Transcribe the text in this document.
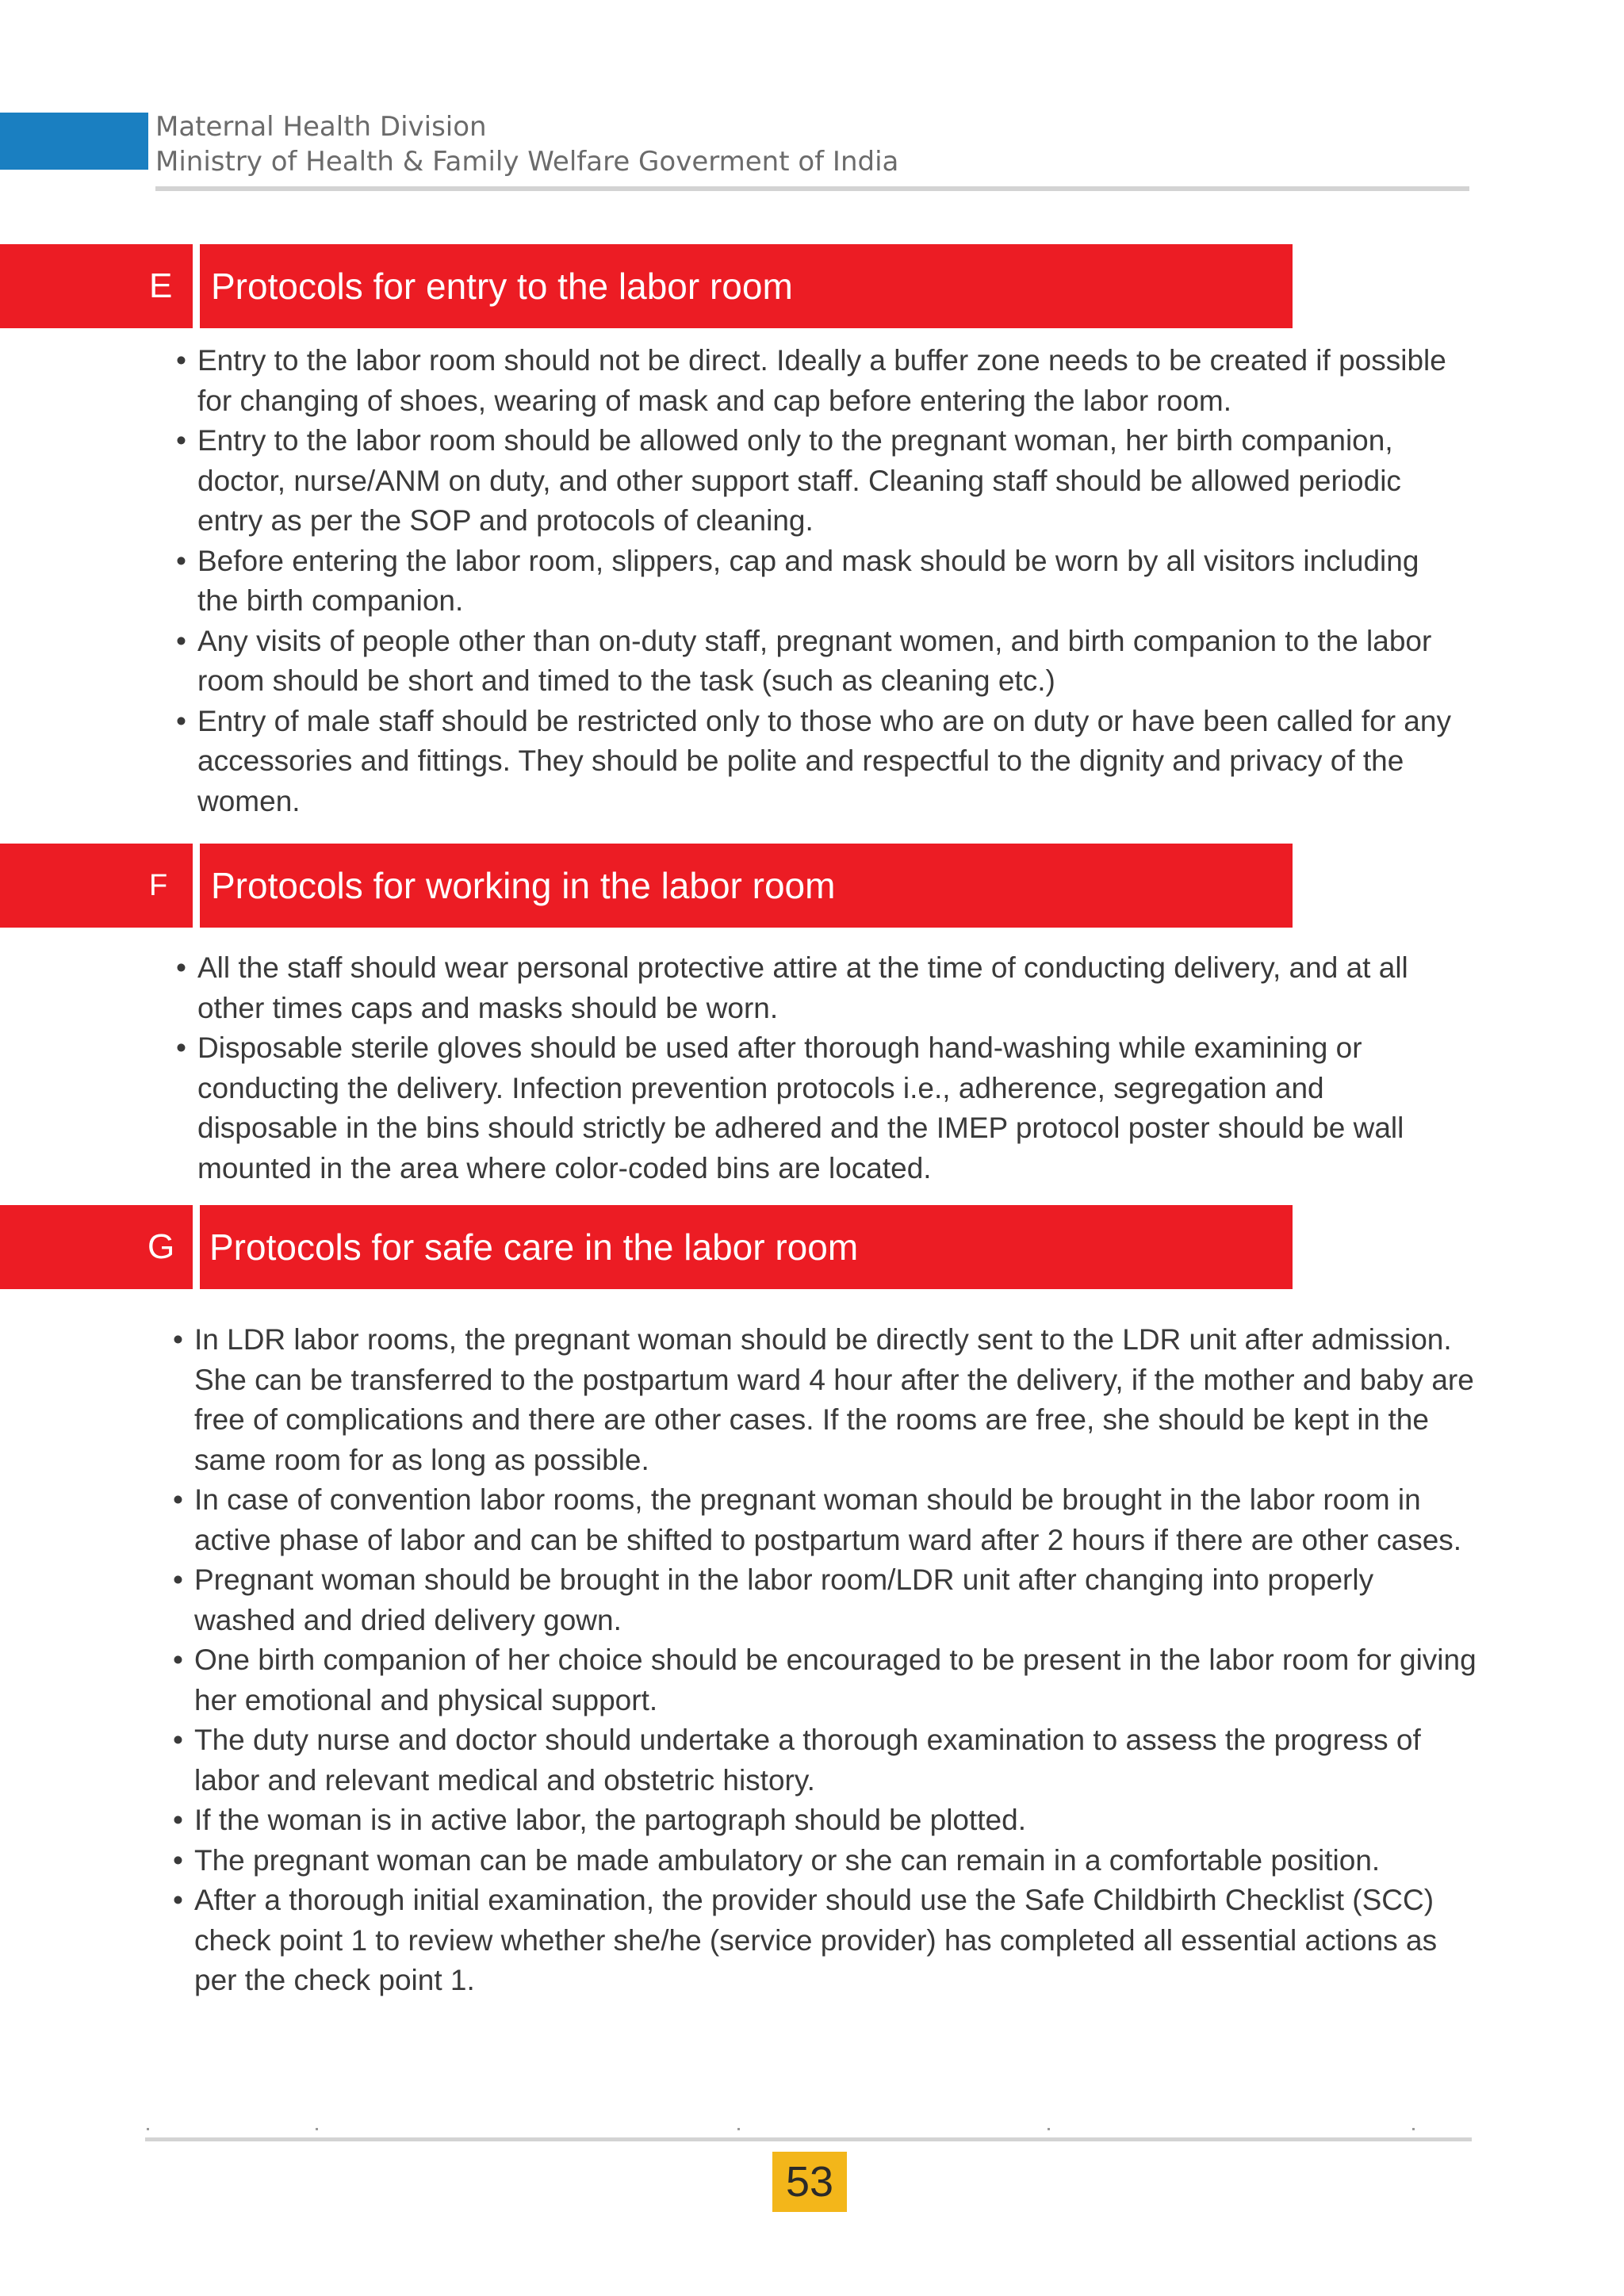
Maternal Health Division
Ministry of Health & Family Welfare Goverment of India
E	Protocols for entry to the labor room
• Entry to the labor room should not be direct. Ideally a buffer zone needs to be created if possible for changing of shoes, wearing of mask and cap before entering the labor room.
• Entry to the labor room should be allowed only to the pregnant woman, her birth companion, doctor, nurse/ANM on duty, and other support staff. Cleaning staff should be allowed periodic entry as per the SOP and protocols of cleaning.
• Before entering the labor room, slippers, cap and mask should be worn by all visitors including the birth companion.
• Any visits of people other than on-duty staff, pregnant women, and birth companion to the labor room should be short and timed to the task (such as cleaning etc.)
• Entry of male staff should be restricted only to those who are on duty or have been called for any accessories and fittings. They should be polite and respectful to the dignity and privacy of the women.
F	Protocols for working in the labor room
• All the staff should wear personal protective attire at the time of conducting delivery, and at all other times caps and masks should be worn.
• Disposable sterile gloves should be used after thorough hand-washing while examining or conducting the delivery. Infection prevention protocols i.e., adherence, segregation and disposable in the bins should strictly be adhered and the IMEP protocol poster should be wall mounted in the area where color-coded bins are located.
G Protocols for safe care in the labor room
• In LDR labor rooms, the pregnant woman should be directly sent to the LDR unit after admission. She can be transferred to the postpartum ward 4 hour after the delivery, if the mother and baby are free of complications and there are other cases. If the rooms are free, she should be kept in the same room for as long as possible.
• In case of convention labor rooms, the pregnant woman should be brought in the labor room in active phase of labor and can be shifted to postpartum ward after 2 hours if there are other cases.
• Pregnant woman should be brought in the labor room/LDR unit after changing into properly washed and dried delivery gown.
• One birth companion of her choice should be encouraged to be present in the labor room for giving her emotional and physical support.
• The duty nurse and doctor should undertake a thorough examination to assess the progress of labor and relevant medical and obstetric history.
• If the woman is in active labor, the partograph should be plotted.
• The pregnant woman can be made ambulatory or she can remain in a comfortable position.
• After a thorough initial examination, the provider should use the Safe Childbirth Checklist (SCC) check point 1 to review whether she/he (service provider) has completed all essential actions as per the check point 1.
53
